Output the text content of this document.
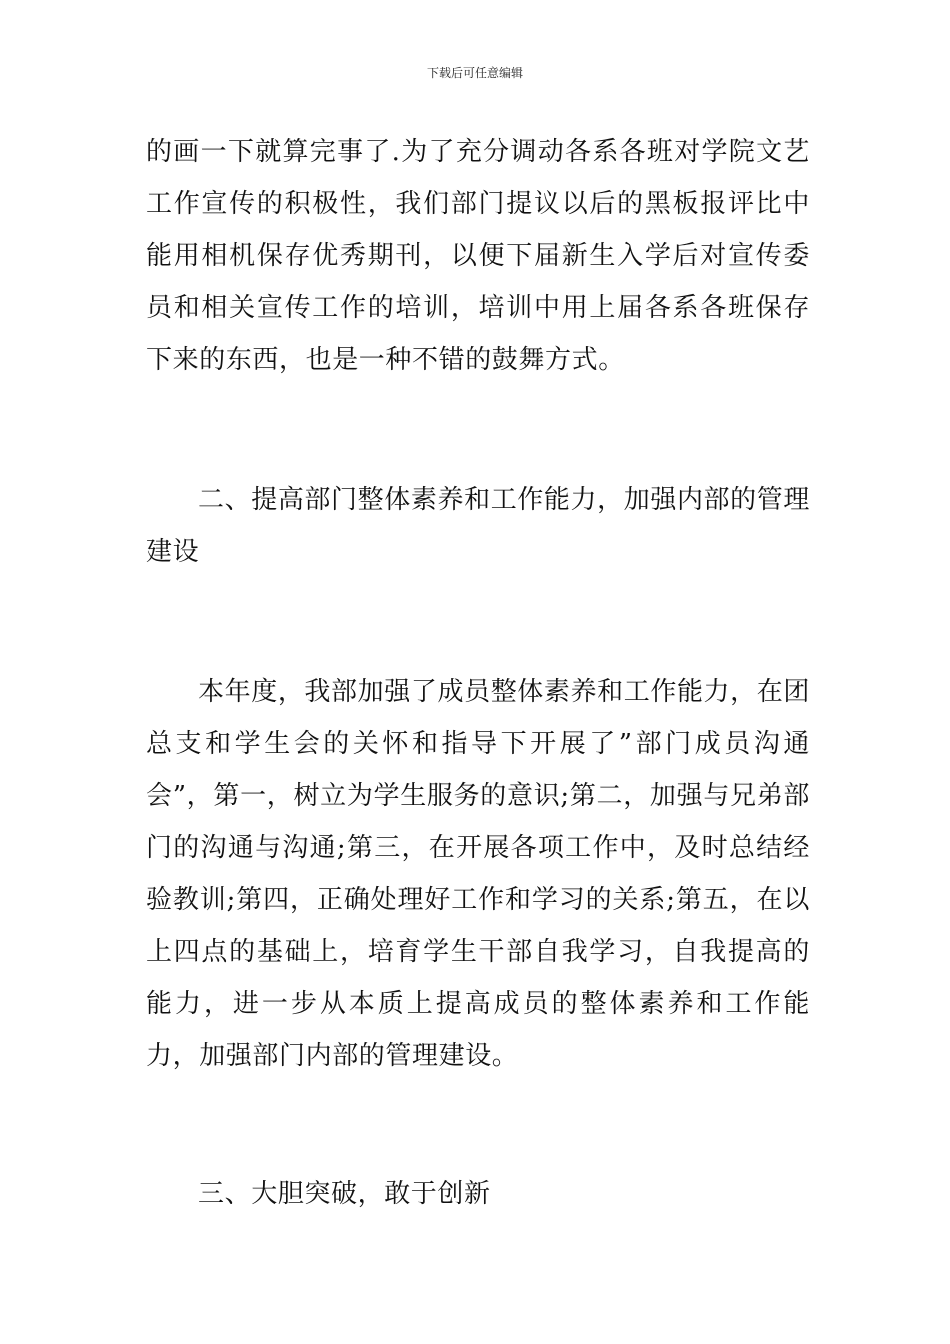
下载后可任意编辑

的画一下就算完事了.为了充分调动各系各班对学院文艺工作宣传的积极性，我们部门提议以后的黑板报评比中能用相机保存优秀期刊，以便下届新生入学后对宣传委员和相关宣传工作的培训，培训中用上届各系各班保存下来的东西，也是一种不错的鼓舞方式。

二、提高部门整体素养和工作能力，加强内部的管理建设

本年度，我部加强了成员整体素养和工作能力，在团总支和学生会的关怀和指导下开展了”部门成员沟通会”，第一，树立为学生服务的意识;第二，加强与兄弟部门的沟通与沟通;第三，在开展各项工作中，及时总结经验教训;第四，正确处理好工作和学习的关系;第五，在以上四点的基础上，培育学生干部自我学习，自我提高的能力，进一步从本质上提高成员的整体素养和工作能力，加强部门内部的管理建设。

三、大胆突破，敢于创新
